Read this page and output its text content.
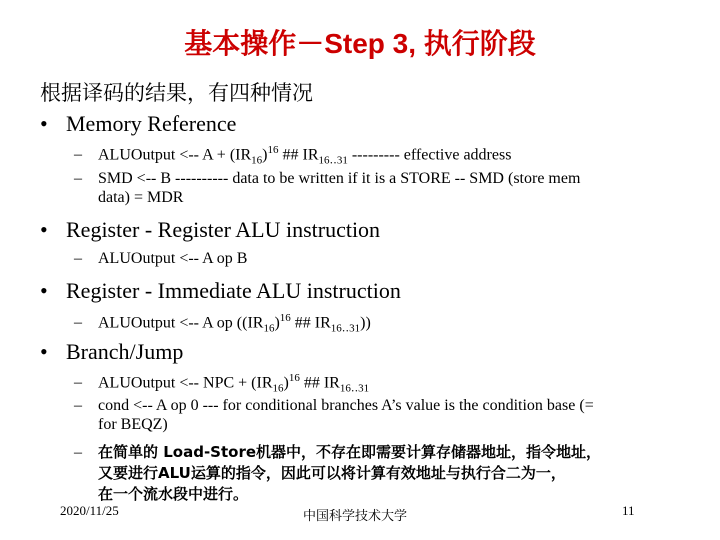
基本操作－Step 3, 执行阶段
根据译码的结果，有四种情况
• Memory Reference
– ALUOutput <-- $A + (IR_{16})^{16}$ ## $IR_{16‥31}$ --------- effective address
– SMD <-- B ---------- data to be written if it is a STORE -- SMD (store mem
data) = MDR
• Register - Register ALU instruction
– ALUOutput <-- A op B
• Register - Immediate ALU instruction
– ALUOutput <-- A op ($(IR_{16})^{16}$ ## $IR_{16‥31}$))
• Branch/Jump
– ALUOutput <-- NPC + $(IR_{16})^{16}$ ## $IR_{16‥31}$
– cond <-- A op 0 --- for conditional branches A’s value is the condition base (=
for BEQZ)
– 在简单的 Load-Store机器中，不存在即需要计算存储器地址，指令地址，
又要进行ALU运算的指令，因此可以将计算有效地址与执行合二为一，
在一个流水段中进行。
2020/11/25	中国科学技术大学	11
